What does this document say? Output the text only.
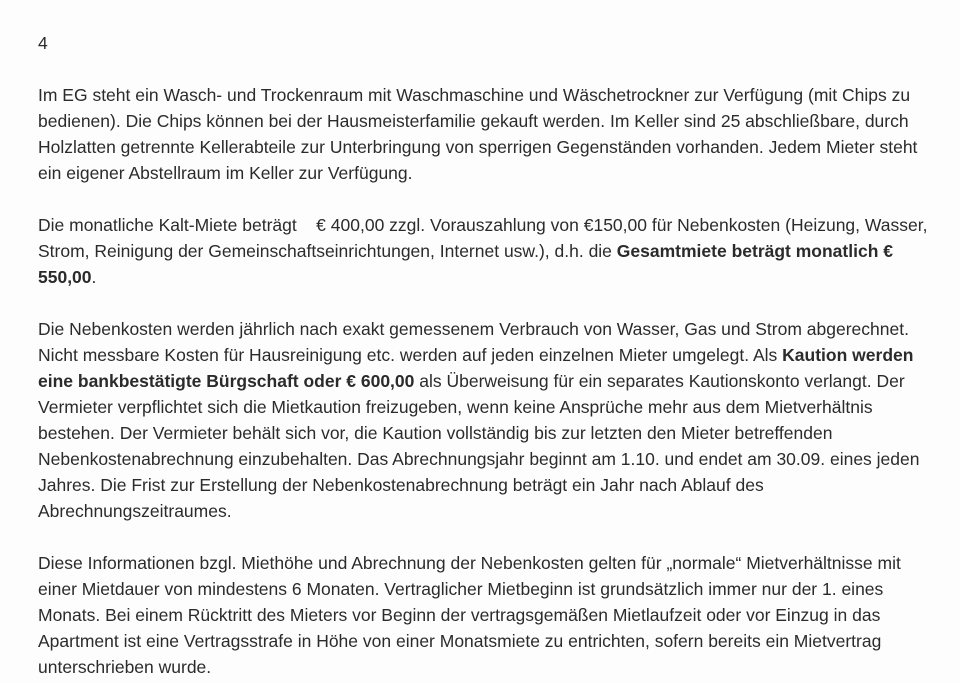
4

Im EG steht ein Wasch- und Trockenraum mit Waschmaschine und Wäschetrockner zur Verfügung (mit Chips zu bedienen). Die Chips können bei der Hausmeisterfamilie gekauft werden. Im Keller sind 25 abschließbare, durch Holzlatten getrennte Kellerabteile zur Unterbringung von sperrigen Gegenständen vorhanden. Jedem Mieter steht ein eigener Abstellraum im Keller zur Verfügung.

Die monatliche Kalt-Miete beträgt    € 400,00 zzgl. Vorauszahlung von €150,00 für Nebenkosten (Heizung, Wasser, Strom, Reinigung der Gemeinschaftseinrichtungen, Internet usw.), d.h. die Gesamtmiete beträgt monatlich € 550,00.

Die Nebenkosten werden jährlich nach exakt gemessenem Verbrauch von Wasser, Gas und Strom abgerechnet. Nicht messbare Kosten für Hausreinigung etc. werden auf jeden einzelnen Mieter umgelegt. Als Kaution werden eine bankbestätigte Bürgschaft oder € 600,00 als Überweisung für ein separates Kautionskonto verlangt. Der Vermieter verpflichtet sich die Mietkaution freizugeben, wenn keine Ansprüche mehr aus dem Mietverhältnis bestehen. Der Vermieter behält sich vor, die Kaution vollständig bis zur letzten den Mieter betreffenden Nebenkostenabrechnung einzubehalten. Das Abrechnungsjahr beginnt am 1.10. und endet am 30.09. eines jeden Jahres. Die Frist zur Erstellung der Nebenkostenabrechnung beträgt ein Jahr nach Ablauf des Abrechnungszeitraumes.

Diese Informationen bzgl. Miethöhe und Abrechnung der Nebenkosten gelten für „normale“ Mietverhältnisse mit einer Mietdauer von mindestens 6 Monaten. Vertraglicher Mietbeginn ist grundsätzlich immer nur der 1. eines Monats. Bei einem Rücktritt des Mieters vor Beginn der vertragsgemäßen Mietlaufzeit oder vor Einzug in das Apartment ist eine Vertragsstrafe in Höhe von einer Monatsmiete zu entrichten, sofern bereits ein Mietvertrag unterschrieben wurde.
